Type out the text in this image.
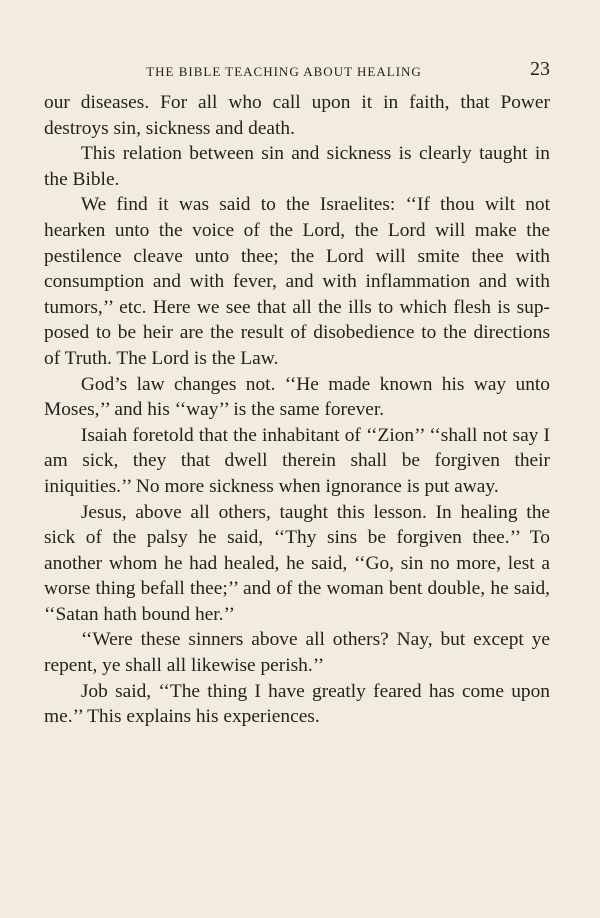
THE BIBLE TEACHING ABOUT HEALING	23

our diseases. For all who call upon it in faith, that Power destroys sin, sickness and death.

This relation between sin and sickness is clearly taught in the Bible.

We find it was said to the Israelites: ‘‘If thou wilt not hearken unto the voice of the Lord, the Lord will make the pestilence cleave unto thee; the Lord will smite thee with consumption and with fever, and with inflammation and with tumors,’’ etc. Here we see that all the ills to which flesh is supposed to be heir are the result of disobedience to the directions of Truth. The Lord is the Law.

God’s law changes not. ‘‘He made known his way unto Moses,’’ and his ‘‘way’’ is the same forever.

Isaiah foretold that the inhabitant of ‘‘Zion’’ ‘‘shall not say I am sick, they that dwell therein shall be forgiven their iniquities.’’ No more sickness when ignorance is put away.

Jesus, above all others, taught this lesson. In healing the sick of the palsy he said, ‘‘Thy sins be forgiven thee.’’ To another whom he had healed, he said, ‘‘Go, sin no more, lest a worse thing befall thee;’’ and of the woman bent double, he said, ‘‘Satan hath bound her.’’

‘‘Were these sinners above all others? Nay, but except ye repent, ye shall all likewise perish.’’

Job said, ‘‘The thing I have greatly feared has come upon me.’’ This explains his experiences.
